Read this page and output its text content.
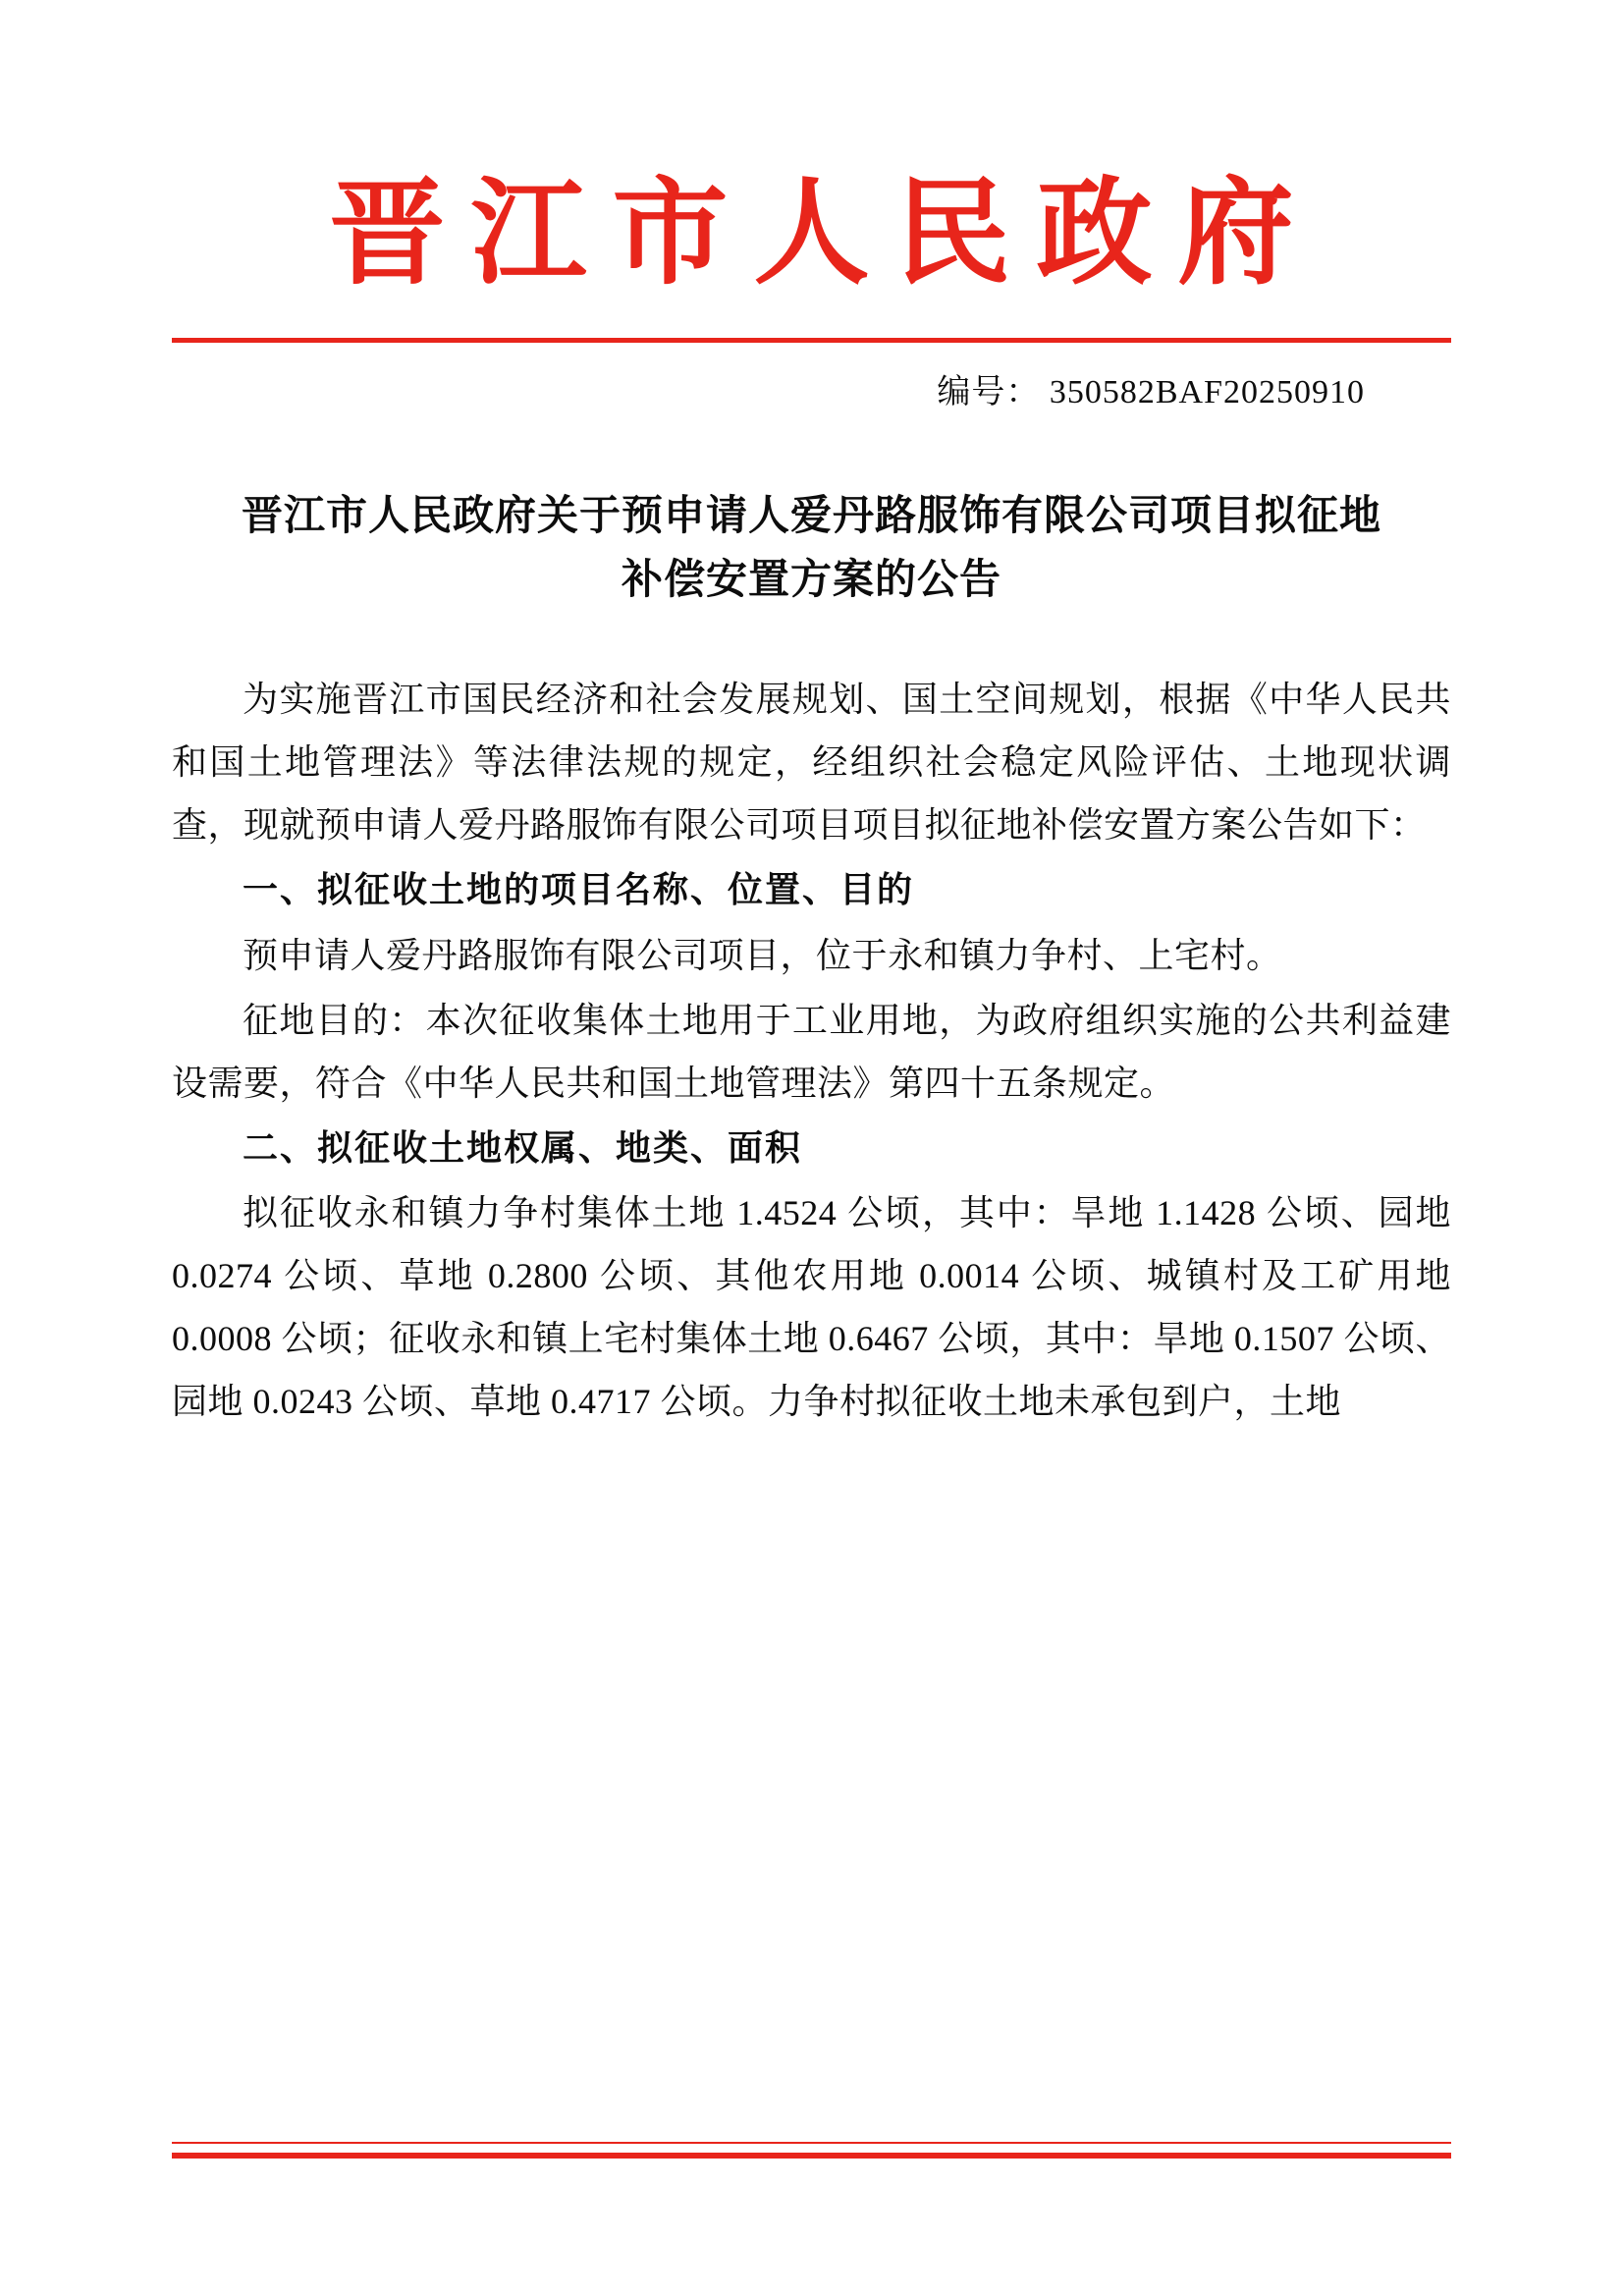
晋江市人民政府
编号： 350582BAF20250910
晋江市人民政府关于预申请人爱丹路服饰有限公司项目拟征地补偿安置方案的公告

为实施晋江市国民经济和社会发展规划、国土空间规划，根据《中华人民共和国土地管理法》等法律法规的规定，经组织社会稳定风险评估、土地现状调查，现就预申请人爱丹路服饰有限公司项目项目拟征地补偿安置方案公告如下：

一、拟征收土地的项目名称、位置、目的

预申请人爱丹路服饰有限公司项目，位于永和镇力争村、上宅村。

征地目的：本次征收集体土地用于工业用地，为政府组织实施的公共利益建设需要，符合《中华人民共和国土地管理法》第四十五条规定。

二、拟征收土地权属、地类、面积

拟征收永和镇力争村集体土地 1.4524 公顷，其中：旱地 1.1428 公顷、园地 0.0274 公顷、草地 0.2800 公顷、其他农用地 0.0014 公顷、城镇村及工矿用地 0.0008 公顷；征收永和镇上宅村集体土地 0.6467 公顷，其中：旱地 0.1507 公顷、园地 0.0243 公顷、草地 0.4717 公顷。力争村拟征收土地未承包到户，土地
